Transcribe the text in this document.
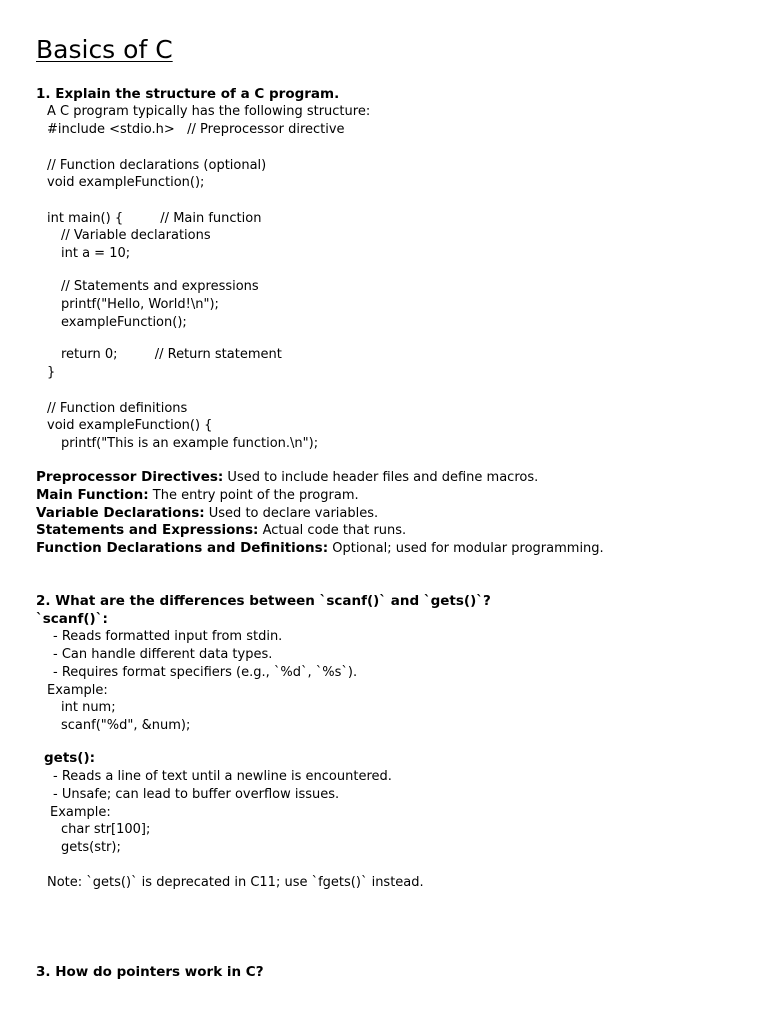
Basics of C
1. Explain the structure of a C program.
A C program typically has the following structure:
#include <stdio.h>   // Preprocessor directive
// Function declarations (optional)
void exampleFunction();
int main() {         // Main function
// Variable declarations
int a = 10;
// Statements and expressions
printf("Hello, World!\n");
exampleFunction();
return 0;         // Return statement
}
// Function definitions
void exampleFunction() {
printf("This is an example function.\n");
Preprocessor Directives: Used to include header files and define macros.
Main Function: The entry point of the program.
Variable Declarations: Used to declare variables.
Statements and Expressions: Actual code that runs.
Function Declarations and Definitions: Optional; used for modular programming.
2. What are the differences between `scanf()` and `gets()`?
`scanf()`:
- Reads formatted input from stdin.
- Can handle different data types.
- Requires format specifiers (e.g., `%d`, `%s`).
Example:
int num;
scanf("%d", &num);
gets():
- Reads a line of text until a newline is encountered.
- Unsafe; can lead to buffer overflow issues.
Example:
char str[100];
gets(str);
Note: `gets()` is deprecated in C11; use `fgets()` instead.
3. How do pointers work in C?
